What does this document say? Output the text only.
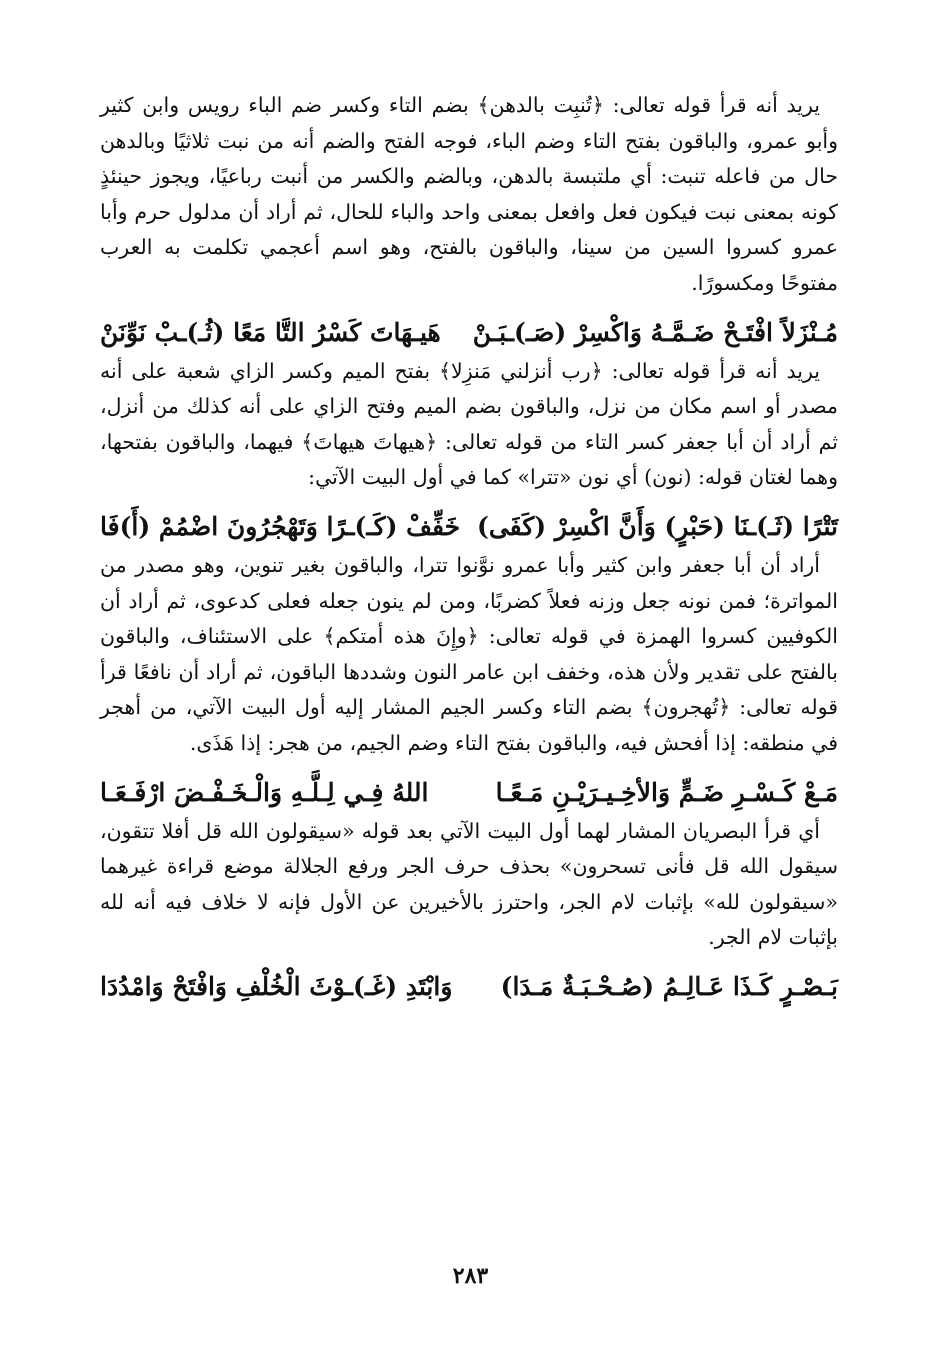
يريد أنه قرأ قوله تعالى: ﴿تُنبِت بالدهن﴾ بضم التاء وكسر ضم الباء رويس وابن كثير وأبو عمرو، والباقون بفتح التاء وضم الباء، فوجه الفتح والضم أنه من نبت ثلاثيًا وبالدهن حال من فاعله تنبت: أي ملتبسة بالدهن، وبالضم والكسر من أنبت رباعيًا، ويجوز حينئذٍ كونه بمعنى نبت فيكون فعل وافعل بمعنى واحد والباء للحال، ثم أراد أن مدلول حرم وأبا عمرو كسروا السين من سينا، والباقون بالفتح، وهو اسم أعجمي تكلمت به العرب مفتوحًا ومكسورًا.

مُـنْزَلاً افْتَـحْ ضَـمَّـهُ وَاكْسِرْ (صَـ)ـبَـنْ
هَيـهَاتَ كَسْرُ التَّا مَعًا (ثُـ)ـبْ نَوِّنَنْ

يريد أنه قرأ قوله تعالى: ﴿رب أنزلني مَنزِلا﴾ بفتح الميم وكسر الزاي شعبة على أنه مصدر أو اسم مكان من نزل، والباقون بضم الميم وفتح الزاي على أنه كذلك من أنزل، ثم أراد أن أبا جعفر كسر التاء من قوله تعالى: ﴿هيهاتَ هيهاتَ﴾ فيهما، والباقون بفتحها، وهما لغتان قوله: (نون) أي نون «تترا» كما في أول البيت الآتي:

تَتْرًا (ثَـ)ـنَا (حَبْرٍ) وَأَنَّ اكْسِرْ (كَفَى)
خَفِّفْ (كَـ)ـرًا وَتَهْجُرُونَ اضْمُمْ (أَ)فَا

أراد أن أبا جعفر وابن كثير وأبا عمرو نوَّنوا تترا، والباقون بغير تنوين، وهو مصدر من المواترة؛ فمن نونه جعل وزنه فعلاً كضربًا، ومن لم ينون جعله فعلى كدعوى، ثم أراد أن الكوفيين كسروا الهمزة في قوله تعالى: ﴿وإِنَ هذه أمتكم﴾ على الاستئناف، والباقون بالفتح على تقدير ولأن هذه، وخفف ابن عامر النون وشددها الباقون، ثم أراد أن نافعًا قرأ قوله تعالى: ﴿تُهجرون﴾ بضم التاء وكسر الجيم المشار إليه أول البيت الآتي، من أهجر في منطقه: إذا أفحش فيه، والباقون بفتح التاء وضم الجيم، من هجر: إذا هَذَى.

مَـعْ كَـسْـرِ ضَـمٍّ وَالأخِـيـرَيْـنِ مَـعًـا
اللهُ فِـي لِـلَّـهِ وَالْـخَـفْـضَ ارْفَـعَـا

أي قرأ البصريان المشار لهما أول البيت الآتي بعد قوله «سيقولون الله قل أفلا تتقون، سيقول الله قل فأنى تسحرون» بحذف حرف الجر ورفع الجلالة موضع قراءة غيرهما «سيقولون لله» بإثبات لام الجر، واحترز بالأخيرين عن الأول فإنه لا خلاف فيه أنه لله بإثبات لام الجر.

بَـصْـرٍ كَـذَا عَـالِـمُ (صُـحْـبَـةٌ مَـدَا)
وَابْتَدِ (غَـ)ـوْثَ الْخُلْفِ وَافْتَحْ وَامْدُدَا
٢٨٣
